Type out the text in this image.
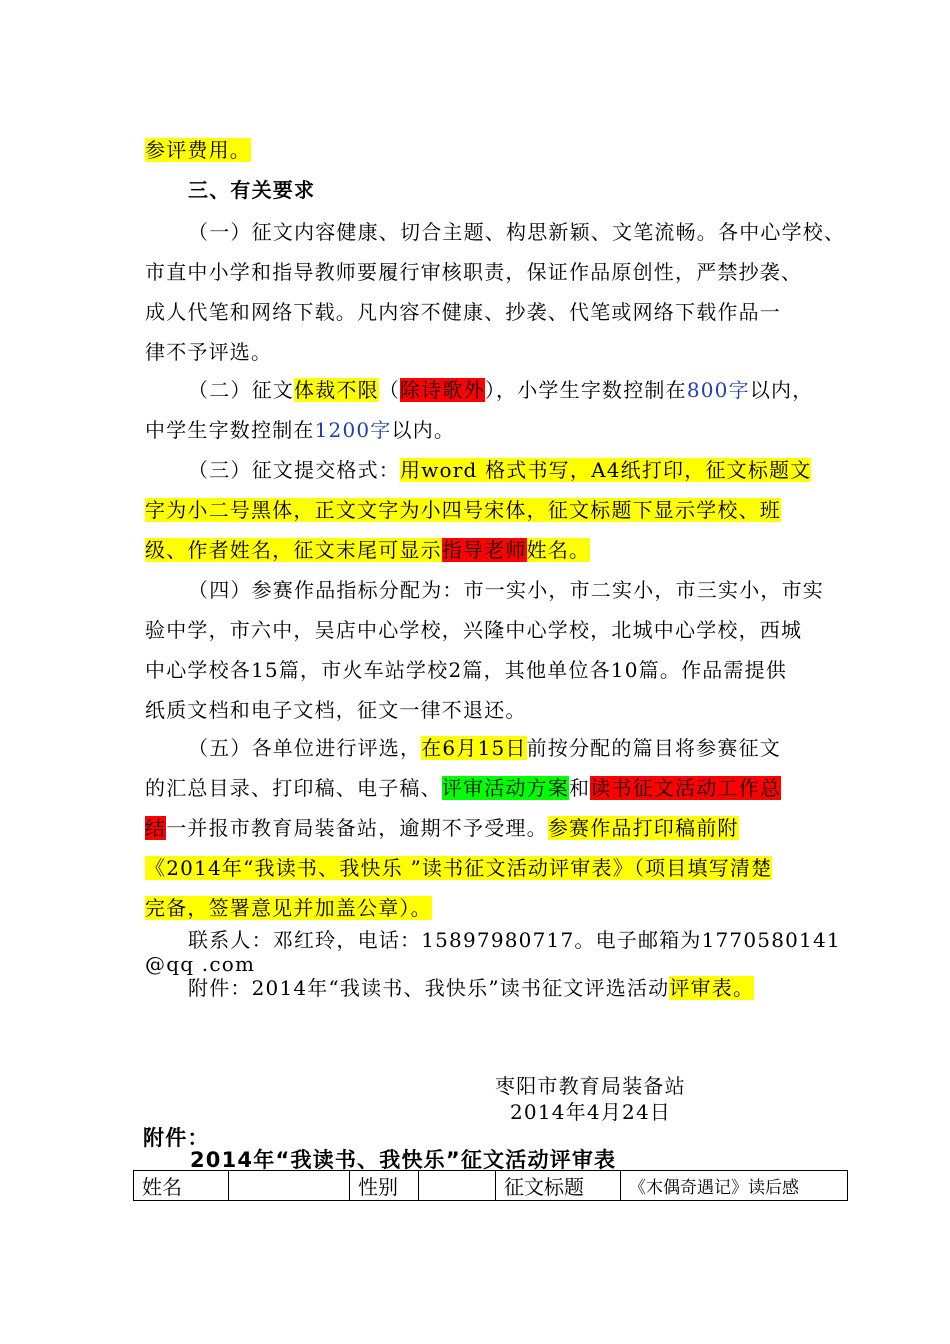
参评费用。
三、有关要求
（一）征文内容健康、切合主题、构思新颖、文笔流畅。各中心学校、
市直中小学和指导教师要履行审核职责，保证作品原创性，严禁抄袭、
成人代笔和网络下载。凡内容不健康、抄袭、代笔或网络下载作品一
律不予评选。
（二）征文体裁不限（除诗歌外），小学生字数控制在800字以内，
中学生字数控制在1200字以内。
（三）征文提交格式：用word 格式书写，A4纸打印，征文标题文
字为小二号黑体，正文文字为小四号宋体，征文标题下显示学校、班
级、作者姓名，征文末尾可显示指导老师姓名。
（四）参赛作品指标分配为：市一实小，市二实小，市三实小，市实
验中学，市六中，吴店中心学校，兴隆中心学校，北城中心学校，西城
中心学校各15篇，市火车站学校2篇，其他单位各10篇。作品需提供
纸质文档和电子文档，征文一律不退还。
（五）各单位进行评选，在6月15日前按分配的篇目将参赛征文
的汇总目录、打印稿、电子稿、评审活动方案和读书征文活动工作总
结一并报市教育局装备站，逾期不予受理。参赛作品打印稿前附
《2014年“我读书、我快乐 ”读书征文活动评审表》（项目填写清楚
完备，签署意见并加盖公章）。
联系人：邓红玲，电话：15897980717。电子邮箱为1770580141
@qq .com
附件：2014年“我读书、我快乐”读书征文评选活动评审表。
枣阳市教育局装备站
2014年4月24日
附件：
2014年“我读书、我快乐”征文活动评审表
姓名		性别		征文标题	《木偶奇遇记》读后感
